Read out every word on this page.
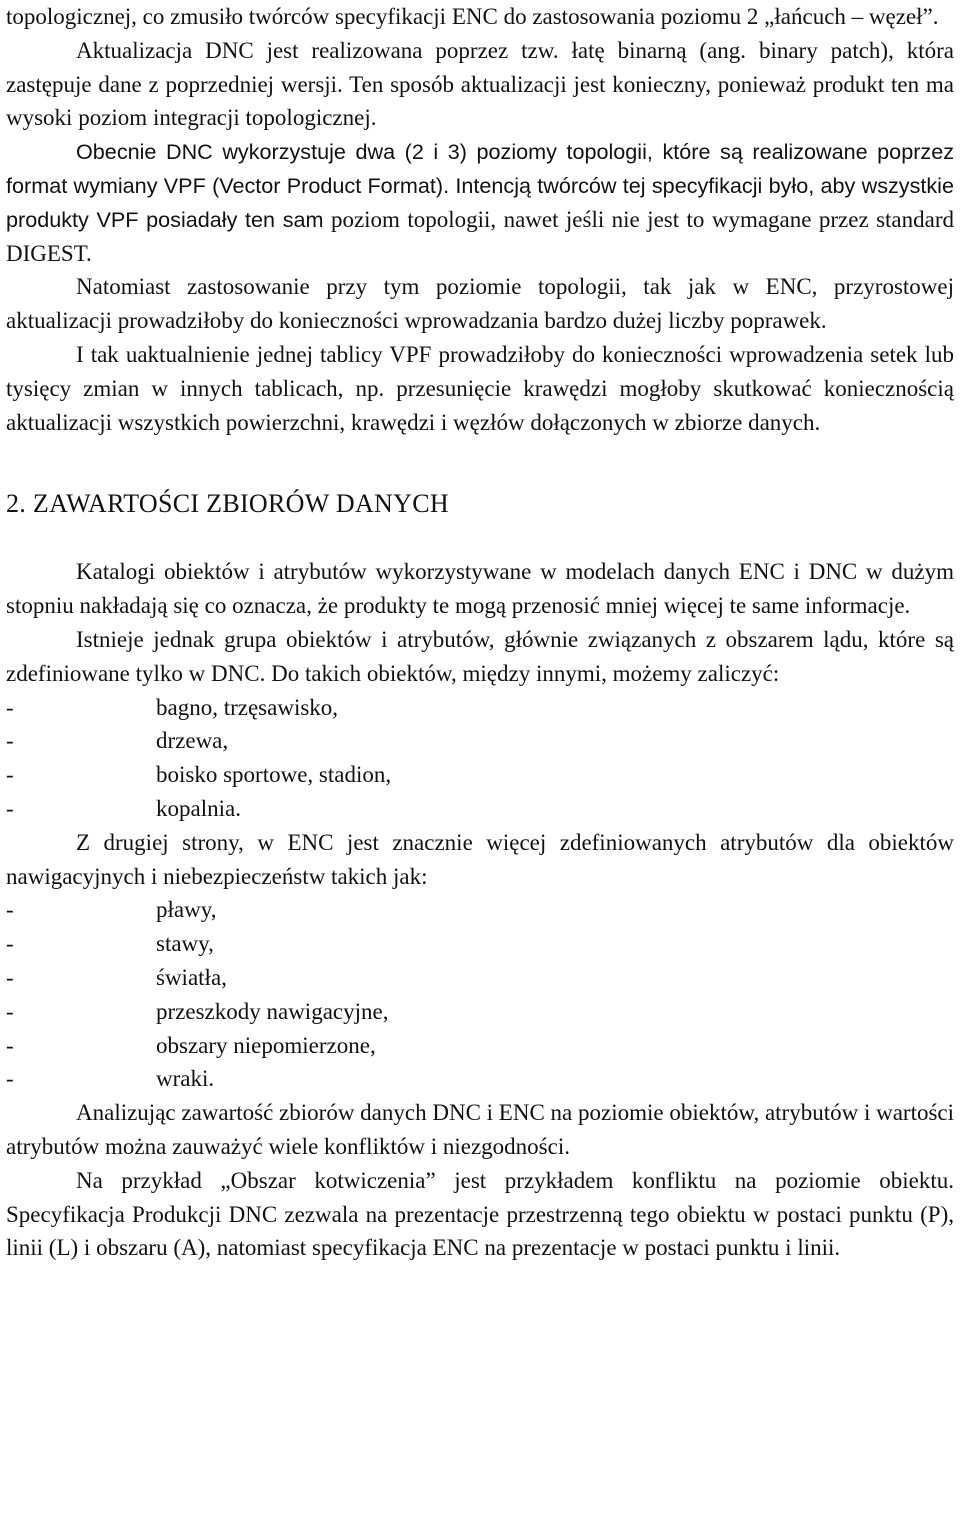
topologicznej, co zmusiło twórców specyfikacji ENC do zastosowania poziomu 2 „łańcuch – węzeł”.

Aktualizacja DNC jest realizowana poprzez tzw. łatę binarną (ang. binary patch), która zastępuje dane z poprzedniej wersji. Ten sposób aktualizacji jest konieczny, ponieważ produkt ten ma wysoki poziom integracji topologicznej.

Obecnie DNC wykorzystuje dwa (2 i 3) poziomy topologii, które są realizowane poprzez format wymiany VPF (Vector Product Format). Intencją twórców tej specyfikacji było, aby wszystkie produkty VPF posiadały ten sam poziom topologii, nawet jeśli nie jest to wymagane przez standard DIGEST.

Natomiast zastosowanie przy tym poziomie topologii, tak jak w ENC, przyrostowej aktualizacji prowadziłoby do konieczności wprowadzania bardzo dużej liczby poprawek.

I tak uaktualnienie jednej tablicy VPF prowadziłoby do konieczności wprowadzenia setek lub tysięcy zmian w innych tablicach, np. przesunięcie krawędzi mogłoby skutkować koniecznością aktualizacji wszystkich powierzchni, krawędzi i węzłów dołączonych w zbiorze danych.

2. ZAWARTOŚCI ZBIORÓW DANYCH

Katalogi obiektów i atrybutów wykorzystywane w modelach danych ENC i DNC w dużym stopniu nakładają się co oznacza, że produkty te mogą przenosić mniej więcej te same informacje.

Istnieje jednak grupa obiektów i atrybutów, głównie związanych z obszarem lądu, które są zdefiniowane tylko w DNC. Do takich obiektów, między innymi, możemy zaliczyć:

-	bagno, trzęsawisko,
-	drzewa,
-	boisko sportowe, stadion,
-	kopalnia.

Z drugiej strony, w ENC jest znacznie więcej zdefiniowanych atrybutów dla obiektów nawigacyjnych i niebezpieczeństw takich jak:

-	pławy,
-	stawy,
-	światła,
-	przeszkody nawigacyjne,
-	obszary niepomierzone,
-	wraki.

Analizując zawartość zbiorów danych DNC i ENC na poziomie obiektów, atrybutów i wartości atrybutów można zauważyć wiele konfliktów i niezgodności.

Na przykład „Obszar kotwiczenia” jest przykładem konfliktu na poziomie obiektu. Specyfikacja Produkcji DNC zezwala na prezentacje przestrzenną tego obiektu w postaci punktu (P), linii (L) i obszaru (A), natomiast specyfikacja ENC na prezentacje w postaci punktu i linii.
